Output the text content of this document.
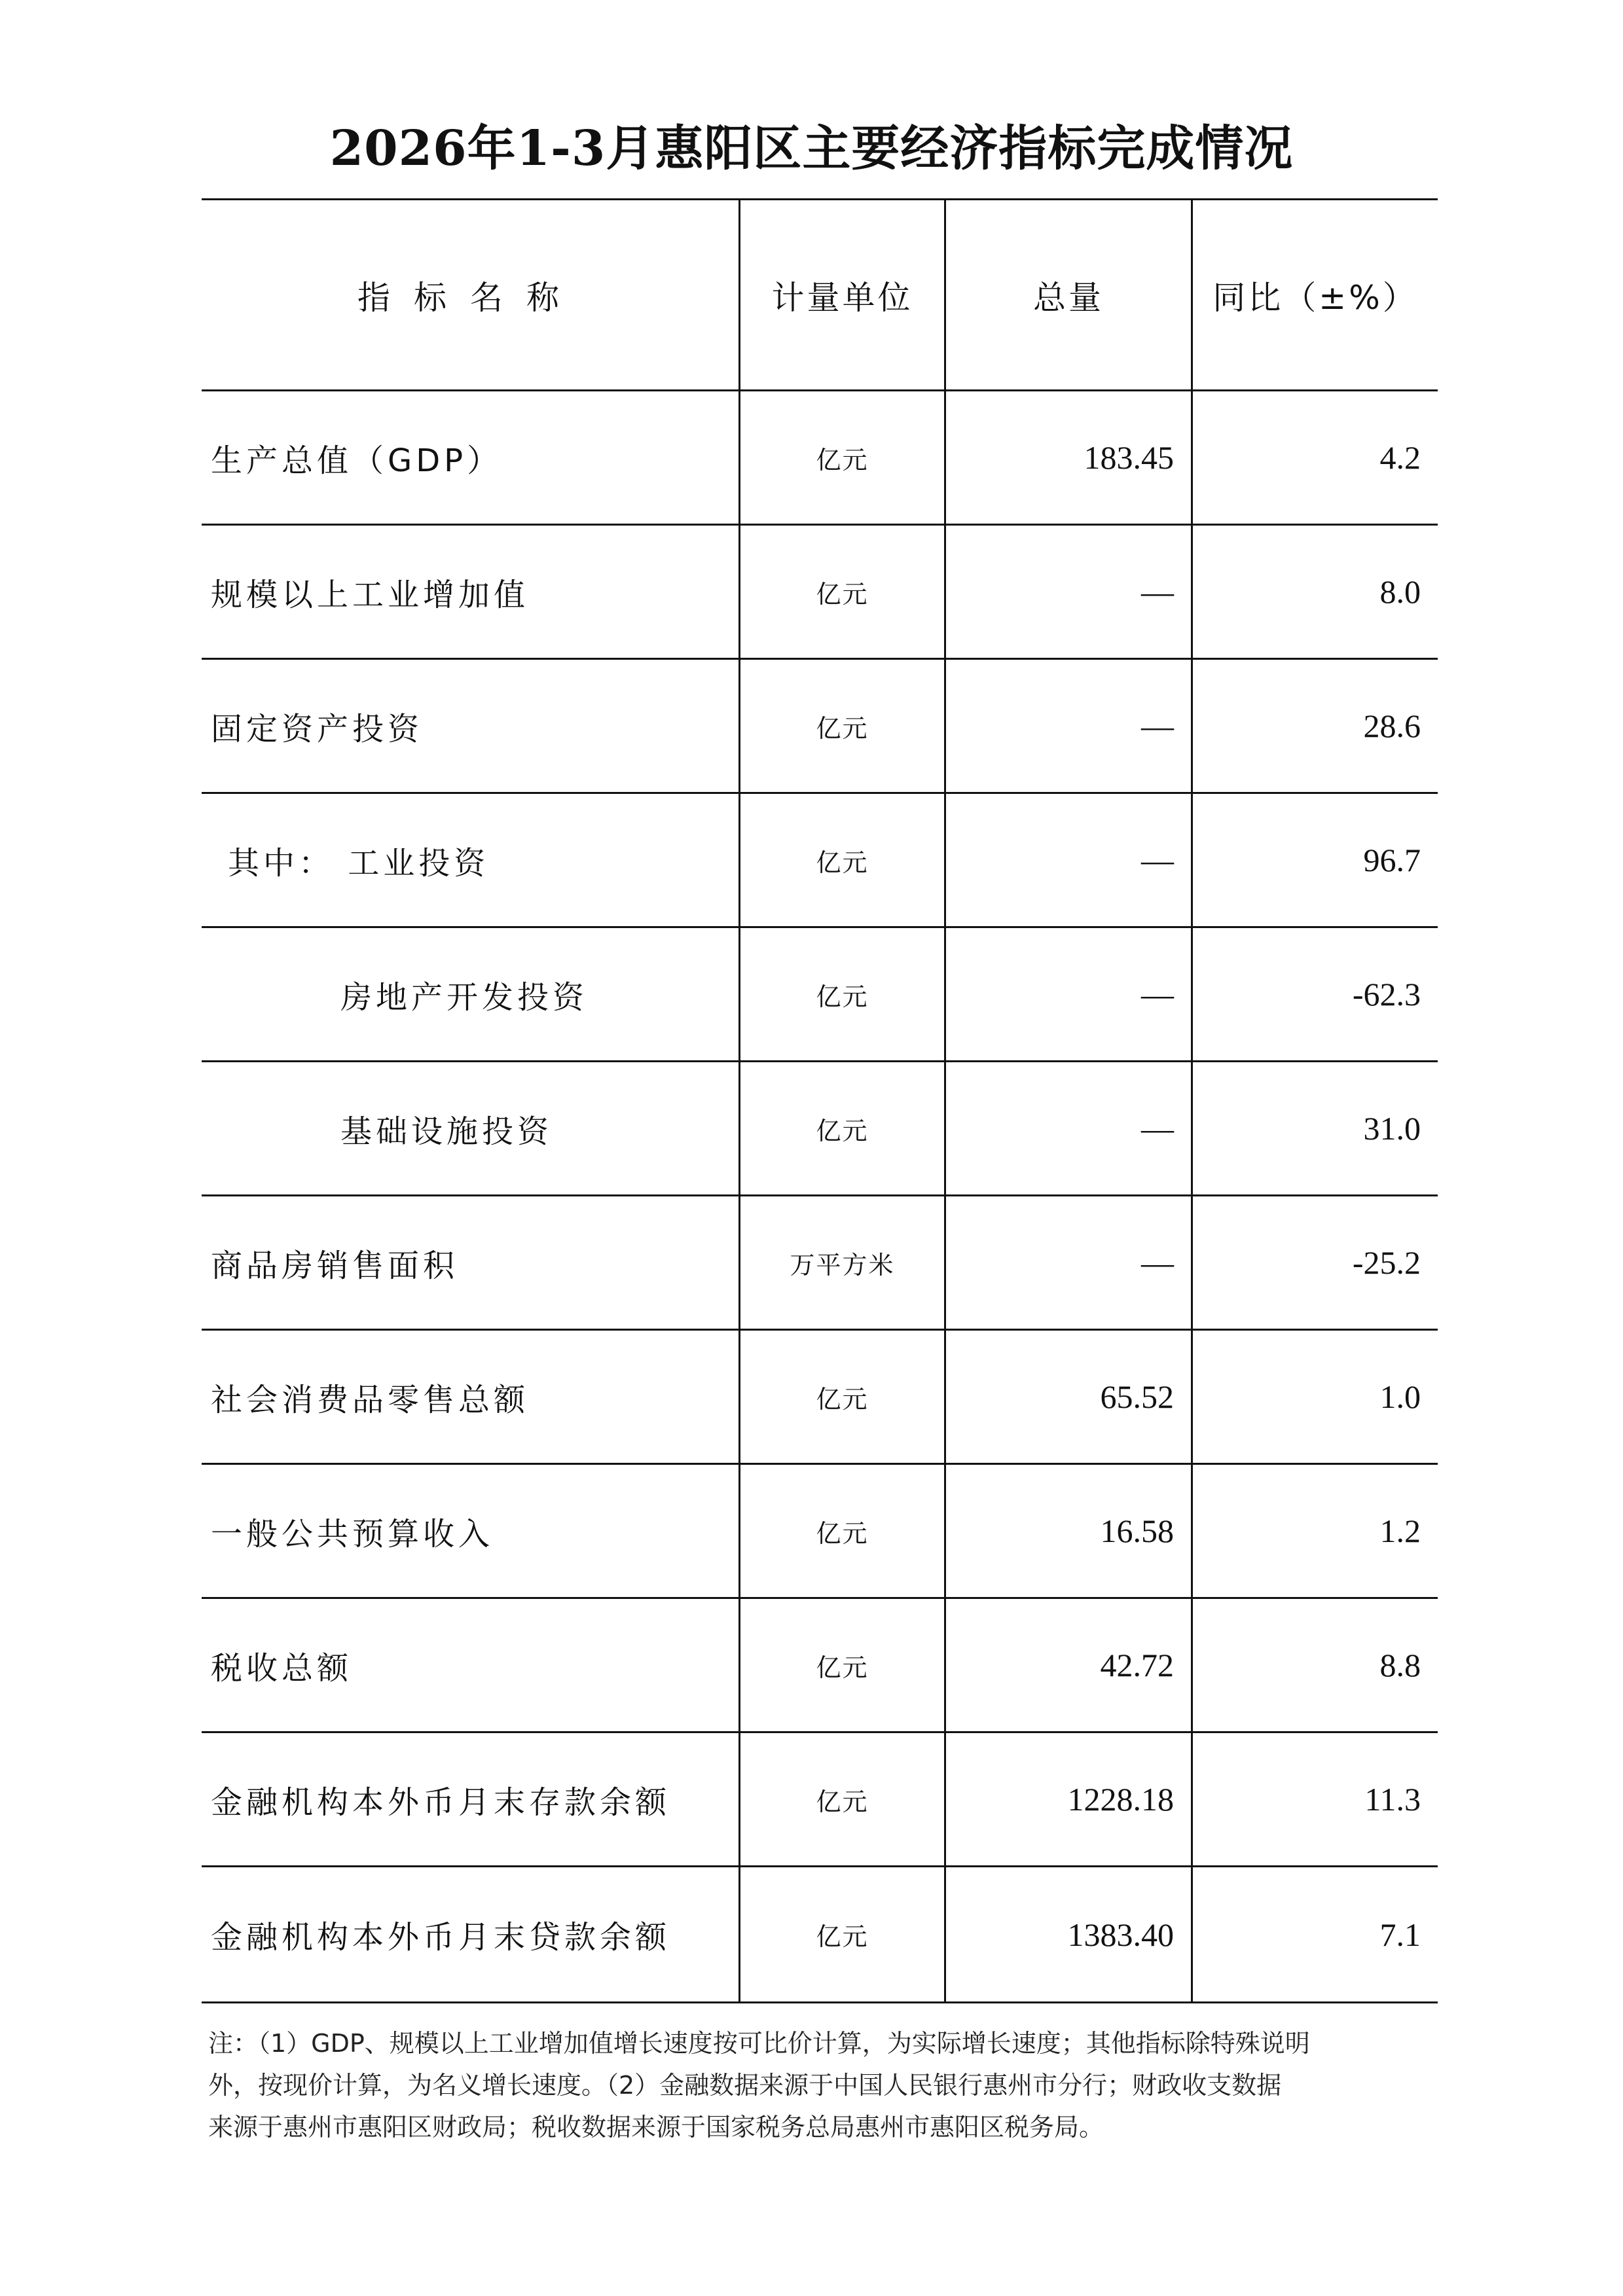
2026年1-3月惠阳区主要经济指标完成情况
指标名称	计量单位	总量	同比（±%）
生产总值（GDP）	亿元	183.45	4.2
规模以上工业增加值	亿元	—	8.0
固定资产投资	亿元	—	28.6
其中： 工业投资	亿元	—	96.7
房地产开发投资	亿元	—	-62.3
基础设施投资	亿元	—	31.0
商品房销售面积	万平方米	—	-25.2
社会消费品零售总额	亿元	65.52	1.0
一般公共预算收入	亿元	16.58	1.2
税收总额	亿元	42.72	8.8
金融机构本外币月末存款余额	亿元	1228.18	11.3
金融机构本外币月末贷款余额	亿元	1383.40	7.1
注：（1）GDP、规模以上工业增加值增长速度按可比价计算，为实际增长速度；其他指标除特殊说明
外，按现价计算，为名义增长速度。（2）金融数据来源于中国人民银行惠州市分行；财政收支数据
来源于惠州市惠阳区财政局；税收数据来源于国家税务总局惠州市惠阳区税务局。
